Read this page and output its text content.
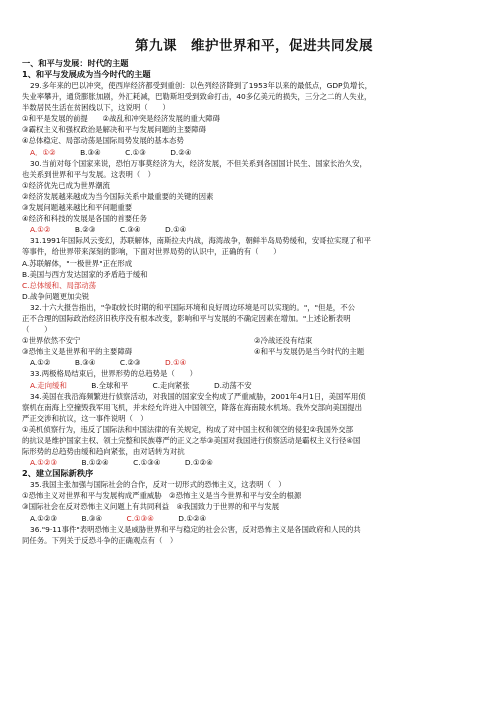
第九课　维护世界和平，促进共同发展
一、和平与发展：时代的主题
1、和平与发展成为当今时代的主题

29.多年来的巴以冲突，使西岸经济都受到重创：以色列经济降到了1953年以来的最低点，GDP负增长，

失业率攀升，通货膨胀加剧，外汇耗减，巴勒斯坦受到致命打击，40多亿美元的损失，三分之二的人失业，

半数居民生活在贫困线以下，这说明（　　）

①和平是发展的前提　　②战乱和冲突是经济发展的重大障碍

③霸权主义和强权政治是解决和平与发展问题的主要障碍

④总体稳定、局部动荡是国际局势发展的基本态势

A．①②	B.③④	C.①③	D.②④

30.当前对每个国家来说，恐怕万事莫经济为大，经济发展，不但关系到各国国计民生、国家长治久安，

也关系到世界和平与发展。这表明（　）

①经济优先已成为世界潮流

②经济发展越来越成为当今国际关系中最重要的关键的因素

③发展问题越来越比和平问题重要

④经济和科技的发展是各国的首要任务

A.①②	B.②③	C.③④	D.①④

31.1991年国际风云变幻，苏联解体，南斯拉夫内战，海湾战争，朝鲜半岛局势缓和，安哥拉实现了和平

等事件，给世界带来深刻的影响，下面对世界局势的认识中，正确的有（　　）

A.苏联解体，"一极世界"正在形成

B.美国与西方发达国家的矛盾趋于缓和

C.总体缓和、局部动荡

D.战争问题更加尖锐

32.十六大报告指出，"争取较长时期的和平国际环境和良好周边环境是可以实现的。"，"但是，不公

正不合理的国际政治经济旧秩序没有根本改变，影响和平与发展的不确定因素在增加。"上述论断表明

（　　）

①世界依然不安宁	②冷战还没有结束
③恐怖主义是世界和平的主要障碍	④和平与发展仍是当今时代的主题

A.①②	B.③④	C.②③	D.①④

33.两极格局结束后，世界形势的总趋势是（　　）

A.走向缓和	B.全球和平	C.走向紧张	D.动荡不安

34.美国在我沿海频繁进行侦察活动，对我国的国家安全构成了严重威胁，2001年4月1日，美国军用侦

察机在南海上空撞毁我军用飞机，并未经允许进入中国领空，降落在海南陵水机场。我外交部向美国提出

严正交涉和抗议，这一事件说明（　）

①美机侦察行为，违反了国际法和中国法律的有关规定，构成了对中国主权和领空的侵犯②我国外交部

的抗议是维护国家主权、领土完整和民族尊严的正义之举③美国对我国进行侦察活动是霸权主义行径④国

际形势的总趋势由缓和趋向紧张，由对话转为对抗

A.①②③	B.①②④	C.①③④	D.①②④

2、建立国际新秩序

35.我国主张加强与国际社会的合作，反对一切形式的恐怖主义，这表明（　）

①恐怖主义对世界和平与发展构成严重威胁　②恐怖主义是当今世界和平与安全的根源

③国际社会在反对恐怖主义问题上有共同利益　④我国致力于世界的和平与发展

A.①②③	B.③④	C.①③④	D.①②④

36."9·11事件"表明恐怖主义是威胁世界和平与稳定的社会公害，反对恐怖主义是各国政府和人民的共

同任务。下列关于反恐斗争的正确观点有（　）
